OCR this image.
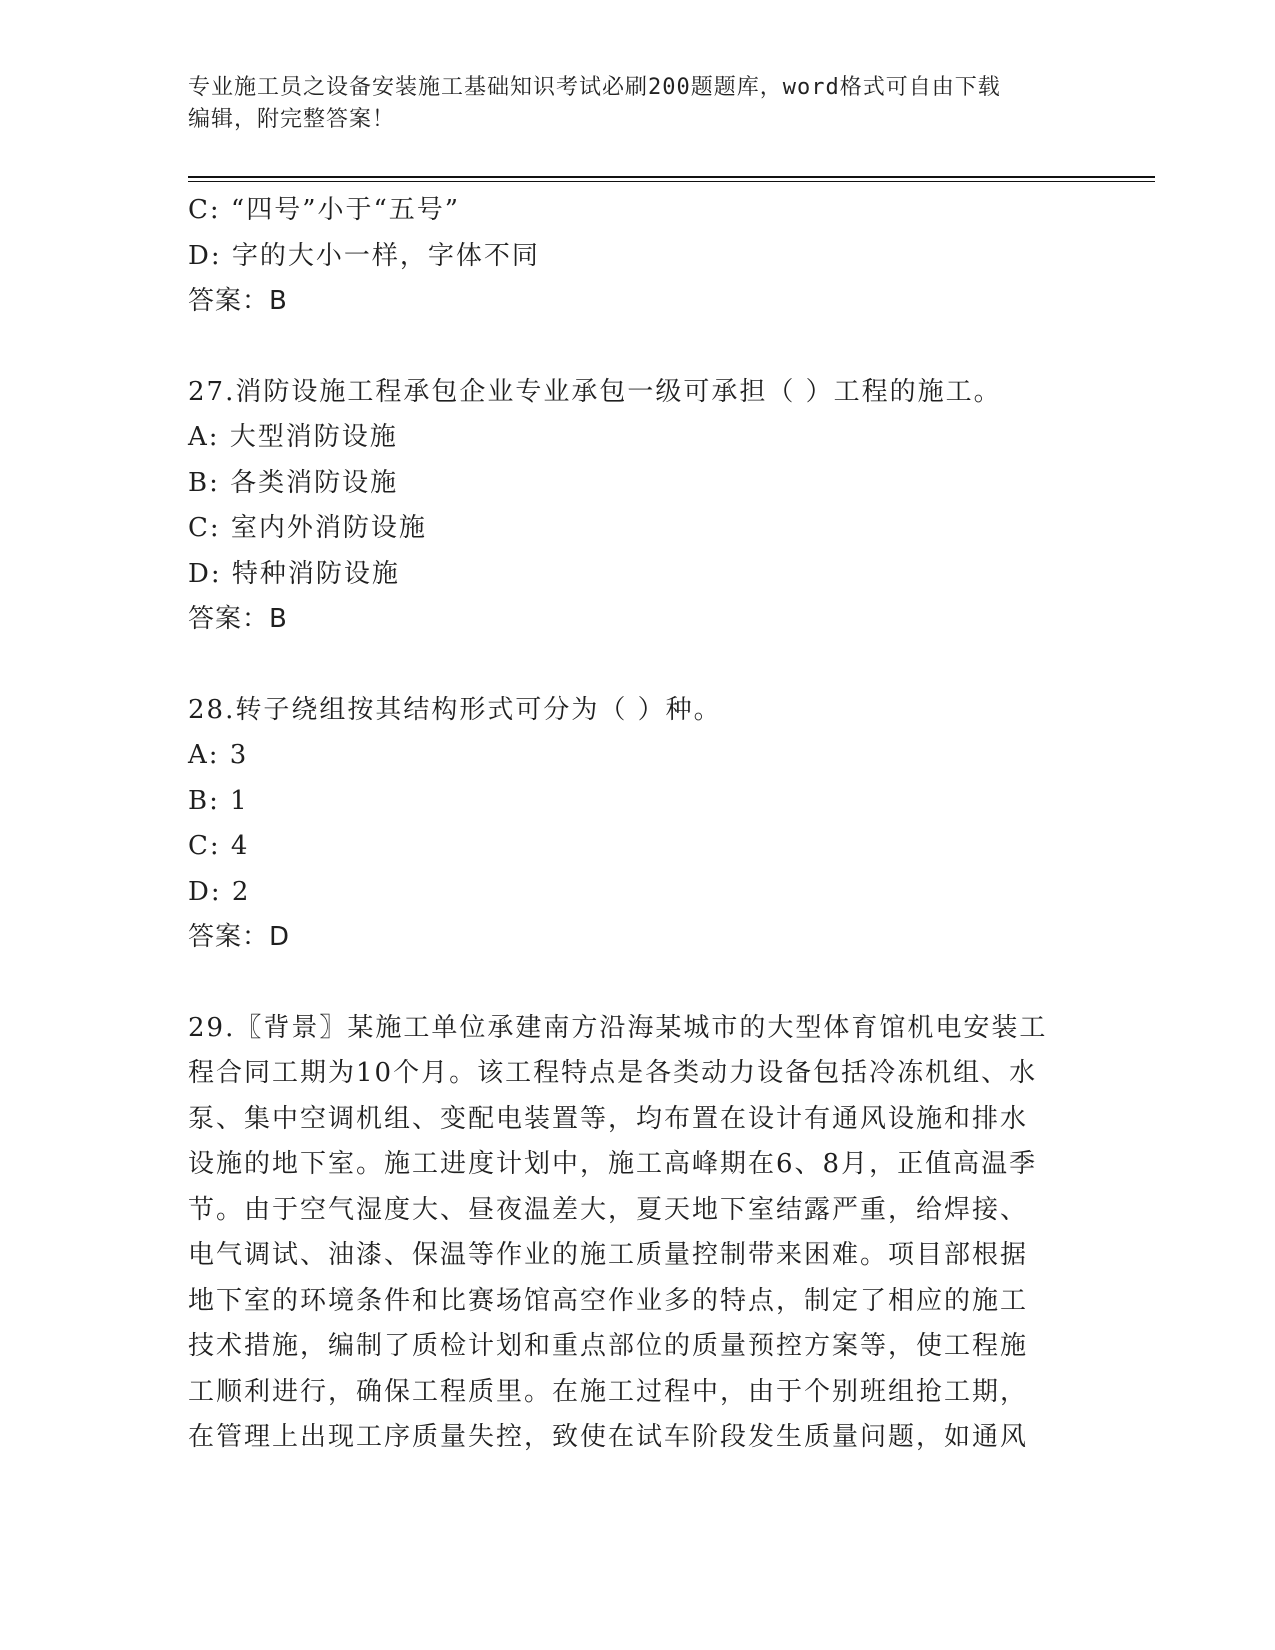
专业施工员之设备安装施工基础知识考试必刷200题题库，word格式可自由下载
编辑，附完整答案！
C: “四号”小于“五号”
D: 字的大小一样，字体不同
答案：B
27.消防设施工程承包企业专业承包一级可承担（ ）工程的施工。
A: 大型消防设施
B: 各类消防设施
C: 室内外消防设施
D: 特种消防设施
答案：B
28.转子绕组按其结构形式可分为（ ）种。
A: 3
B: 1
C: 4
D: 2
答案：D
29.〖背景〗某施工单位承建南方沿海某城市的大型体育馆机电安装工
程合同工期为10个月。该工程特点是各类动力设备包括冷冻机组、水
泵、集中空调机组、变配电装置等，均布置在设计有通风设施和排水
设施的地下室。施工进度计划中，施工高峰期在6、8月，正值高温季
节。由于空气湿度大、昼夜温差大，夏天地下室结露严重，给焊接、
电气调试、油漆、保温等作业的施工质量控制带来困难。项目部根据
地下室的环境条件和比赛场馆高空作业多的特点，制定了相应的施工
技术措施，编制了质检计划和重点部位的质量预控方案等，使工程施
工顺利进行，确保工程质里。在施工过程中，由于个别班组抢工期，
在管理上出现工序质量失控，致使在试车阶段发生质量问题，如通风
